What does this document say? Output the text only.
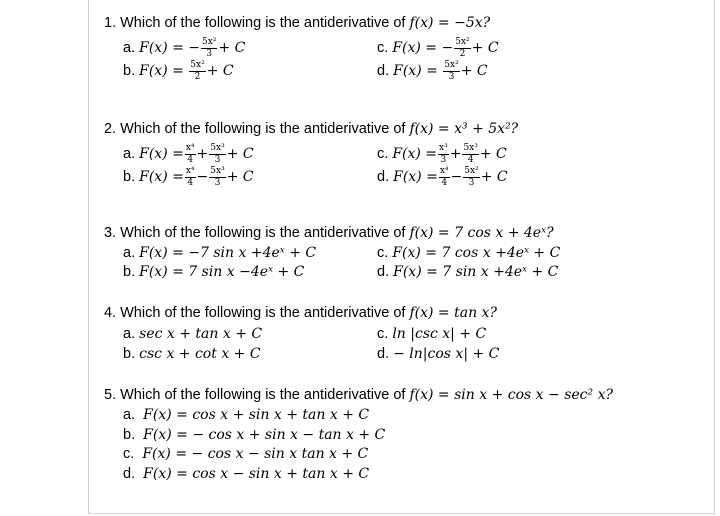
1. Which of the following is the antiderivative of f(x) = −5x?
a. F(x) = − $\frac{\text{5x²}}{3} + C$	c. F(x) = − $\frac{\text{5x²}}{2} + C$
b. $F(x) = \frac{\text{5x²}}{2} + C$	d. $F(x) = \frac{\text{5x²}}{3} + C$
2. Which of the following is the antiderivative of f(x) = x³ + 5x²?
a. $F(x) = \frac{\text{x⁴}}{4} + \frac{\text{5x³}}{3} + C$	c. $F(x) = \frac{\text{x³}}{3} + \frac{\text{5x³}}{4} + C$
b. $F(x) = \frac{\text{x⁴}}{4} - \frac{\text{5x³}}{3} + C$	d. $F(x) = \frac{\text{x⁴}}{4} - \frac{\text{5x²}}{3} + C$
3. Which of the following is the antiderivative of f(x) = 7 cos x + 4eˣ?
a. F(x) = −7 sin x +4eˣ + C	c. F(x) = 7 cos x +4eˣ + C
b. F(x) = 7 sin x −4eˣ + C	d. F(x) = 7 sin x +4eˣ + C
4. Which of the following is the antiderivative of f(x) = tan x?
a. sec x + tan x + C	c. ln |csc x| + C
b. csc x + cot x + C	d. − ln|cos x| + C
5. Which of the following is the antiderivative of f(x) = sin x + cos x − sec² x?
a. F(x) = cos x + sin x + tan x + C
b. F(x) = − cos x + sin x − tan x + C
c. F(x) = − cos x − sin x tan x + C
d. F(x) = cos x − sin x + tan x + C
